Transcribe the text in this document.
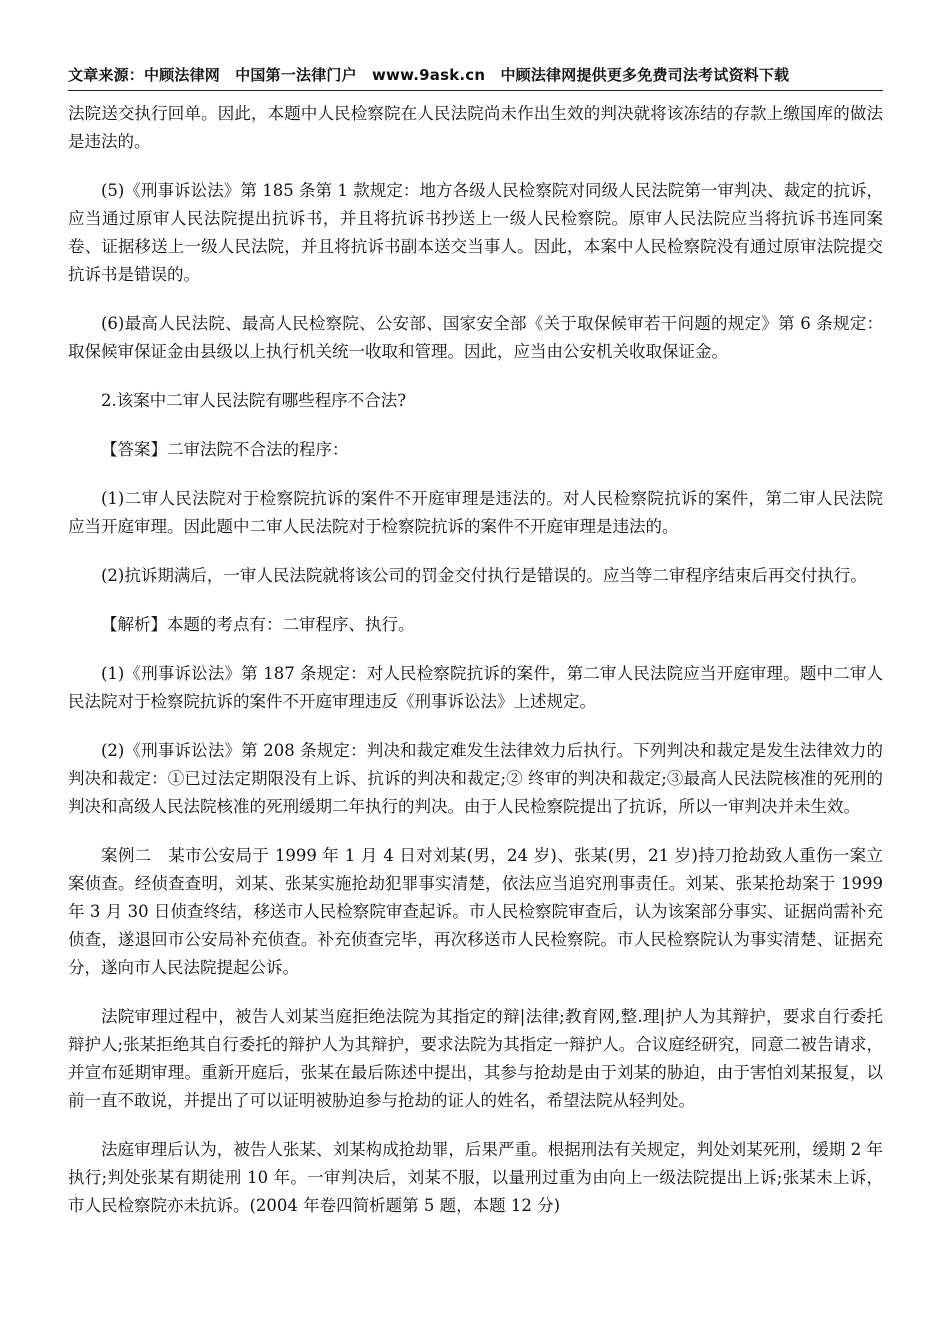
文章来源：中顾法律网　中国第一法律门户　www.9ask.cn　中顾法律网提供更多免费司法考试资料下载

法院送交执行回单。因此，本题中人民检察院在人民法院尚未作出生效的判决就将该冻结的存款上缴国库的做法是违法的。

(5)《刑事诉讼法》第 185 条第 1 款规定：地方各级人民检察院对同级人民法院第一审判决、裁定的抗诉，应当通过原审人民法院提出抗诉书，并且将抗诉书抄送上一级人民检察院。原审人民法院应当将抗诉书连同案卷、证据移送上一级人民法院，并且将抗诉书副本送交当事人。因此，本案中人民检察院没有通过原审法院提交抗诉书是错误的。

(6)最高人民法院、最高人民检察院、公安部、国家安全部《关于取保候审若干问题的规定》第 6 条规定：取保候审保证金由县级以上执行机关统一收取和管理。因此，应当由公安机关收取保证金。

2.该案中二审人民法院有哪些程序不合法?

【答案】二审法院不合法的程序：

(1)二审人民法院对于检察院抗诉的案件不开庭审理是违法的。对人民检察院抗诉的案件，第二审人民法院应当开庭审理。因此题中二审人民法院对于检察院抗诉的案件不开庭审理是违法的。

(2)抗诉期满后，一审人民法院就将该公司的罚金交付执行是错误的。应当等二审程序结束后再交付执行。

【解析】本题的考点有：二审程序、执行。

(1)《刑事诉讼法》第 187 条规定：对人民检察院抗诉的案件，第二审人民法院应当开庭审理。题中二审人民法院对于检察院抗诉的案件不开庭审理违反《刑事诉讼法》上述规定。

(2)《刑事诉讼法》第 208 条规定：判决和裁定难发生法律效力后执行。下列判决和裁定是发生法律效力的判决和裁定：①已过法定期限没有上诉、抗诉的判决和裁定;② 终审的判决和裁定;③最高人民法院核准的死刑的判决和高级人民法院核准的死刑缓期二年执行的判决。由于人民检察院提出了抗诉，所以一审判决并未生效。

案例二　某市公安局于 1999 年 1 月 4 日对刘某(男，24 岁)、张某(男，21 岁)持刀抢劫致人重伤一案立案侦查。经侦查查明，刘某、张某实施抢劫犯罪事实清楚，依法应当追究刑事责任。刘某、张某抢劫案于 1999 年 3 月 30 日侦查终结，移送市人民检察院审查起诉。市人民检察院审查后，认为该案部分事实、证据尚需补充侦查，遂退回市公安局补充侦查。补充侦查完毕，再次移送市人民检察院。市人民检察院认为事实清楚、证据充分，遂向市人民法院提起公诉。

法院审理过程中，被告人刘某当庭拒绝法院为其指定的辩|法律;教育网,整.理|护人为其辩护，要求自行委托辩护人;张某拒绝其自行委托的辩护人为其辩护，要求法院为其指定一辩护人。合议庭经研究，同意二被告请求，并宣布延期审理。重新开庭后，张某在最后陈述中提出，其参与抢劫是由于刘某的胁迫，由于害怕刘某报复，以前一直不敢说，并提出了可以证明被胁迫参与抢劫的证人的姓名，希望法院从轻判处。

法庭审理后认为，被告人张某、刘某构成抢劫罪，后果严重。根据刑法有关规定，判处刘某死刑，缓期 2 年执行;判处张某有期徒刑 10 年。一审判决后，刘某不服，以量刑过重为由向上一级法院提出上诉;张某未上诉，市人民检察院亦未抗诉。(2004 年卷四简析题第 5 题，本题 12 分)
